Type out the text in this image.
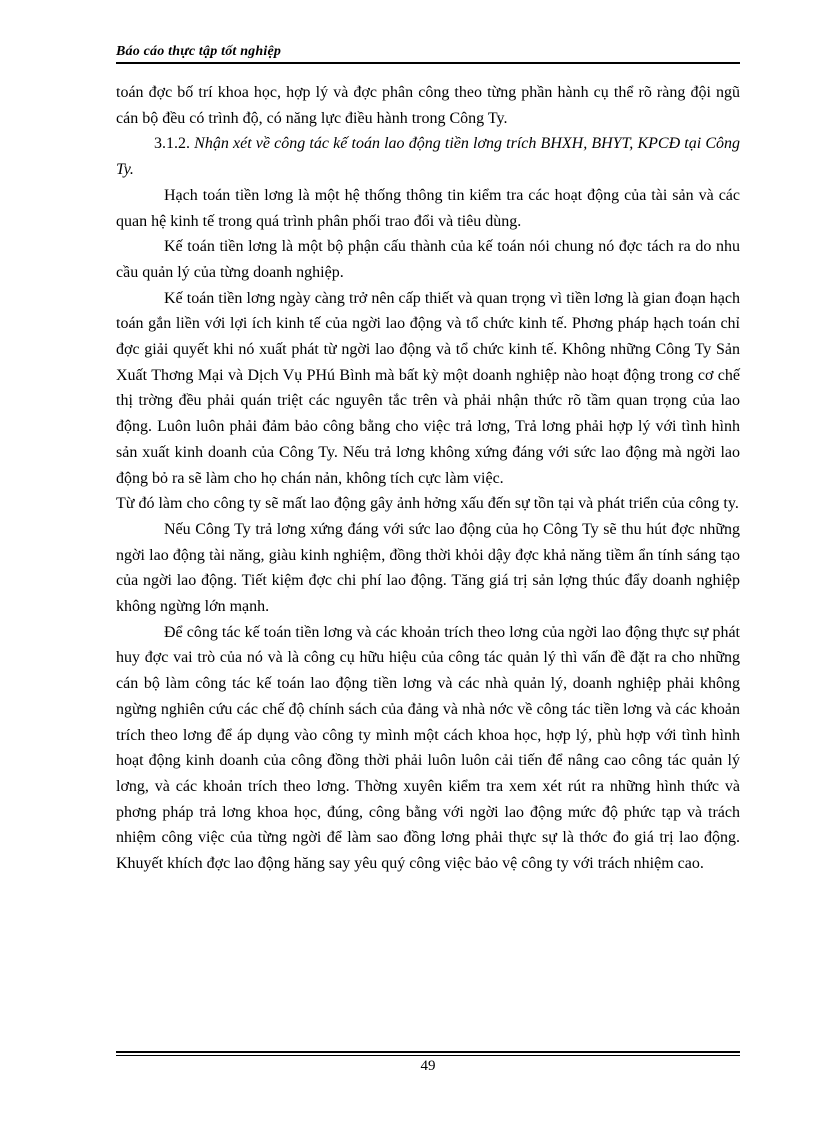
Báo cáo thực tập tốt nghiệp

toán đợc bố trí khoa học, hợp lý và đợc phân công theo từng phần hành cụ thể rõ ràng đội ngũ cán bộ đều có trình độ, có năng lực điều hành trong Công Ty.

3.1.2. Nhận xét về công tác kế toán lao động tiền lơng trích BHXH, BHYT, KPCĐ tại Công Ty.

Hạch toán tiền lơng là một hệ thống thông tin kiểm tra các hoạt động của tài sản và các quan hệ kinh tế trong quá trình phân phối trao đổi và tiêu dùng.

Kế toán tiền lơng là một bộ phận cấu thành của kế toán nói chung nó đợc tách ra do nhu cầu quản lý của từng doanh nghiệp.

Kế toán tiền lơng ngày càng trở nên cấp thiết và quan trọng vì tiền lơng là gian đoạn hạch toán gắn liền với lợi ích kinh tế của ngời lao động và tổ chức kinh tế. Phơng pháp hạch toán chỉ đợc giải quyết khi nó xuất phát từ ngời lao động và tổ chức kinh tế. Không những Công Ty Sản Xuất Thơng Mại và Dịch Vụ PHú Bình mà bất kỳ một doanh nghiệp nào hoạt động trong cơ chế thị trờng đều phải quán triệt các nguyên tắc trên và phải nhận thức rõ tầm quan trọng của lao động. Luôn luôn phải đảm bảo công bằng cho việc trả lơng, Trả lơng phải hợp lý với tình hình sản xuất kinh doanh của Công Ty. Nếu trả lơng không xứng đáng với sức lao động mà ngời lao động bỏ ra sẽ làm cho họ chán nản, không tích cực làm việc.

Từ đó làm cho công ty sẽ mất lao động gây ảnh hởng xấu đến sự tồn tại và phát triển của công ty.

Nếu Công Ty trả lơng xứng đáng với sức lao động của họ Công Ty sẽ thu hút đợc những ngời lao động tài năng, giàu kinh nghiệm, đồng thời khỏi dậy đợc khả năng tiềm ẩn tính sáng tạo của ngời lao động. Tiết kiệm đợc chi phí lao động. Tăng giá trị sản lợng thúc đẩy doanh nghiệp không ngừng lớn mạnh.

Để công tác kế toán tiền lơng và các khoản trích theo lơng của ngời lao động thực sự phát huy đợc vai trò của nó và là công cụ hữu hiệu của công tác quản lý thì vấn đề đặt ra cho những cán bộ làm công tác kế toán lao động tiền lơng và các nhà quản lý, doanh nghiệp phải không ngừng nghiên cứu các chế độ chính sách của đảng và nhà nớc về công tác tiền lơng và các khoản trích theo lơng để áp dụng vào công ty mình một cách khoa học, hợp lý, phù hợp với tình hình hoạt động kinh doanh của công đồng thời phải luôn luôn cải tiến để nâng cao công tác quản lý lơng, và các khoản trích theo lơng. Thờng xuyên kiểm tra xem xét rút ra những hình thức và phơng pháp trả lơng khoa học, đúng, công bằng với ngời lao động mức độ phức tạp và trách nhiệm công việc của từng ngời để làm sao đồng lơng phải thực sự là thớc đo giá trị lao động. Khuyết khích đợc lao động hăng say yêu quý công việc bảo vệ công ty với trách nhiệm cao.

49
